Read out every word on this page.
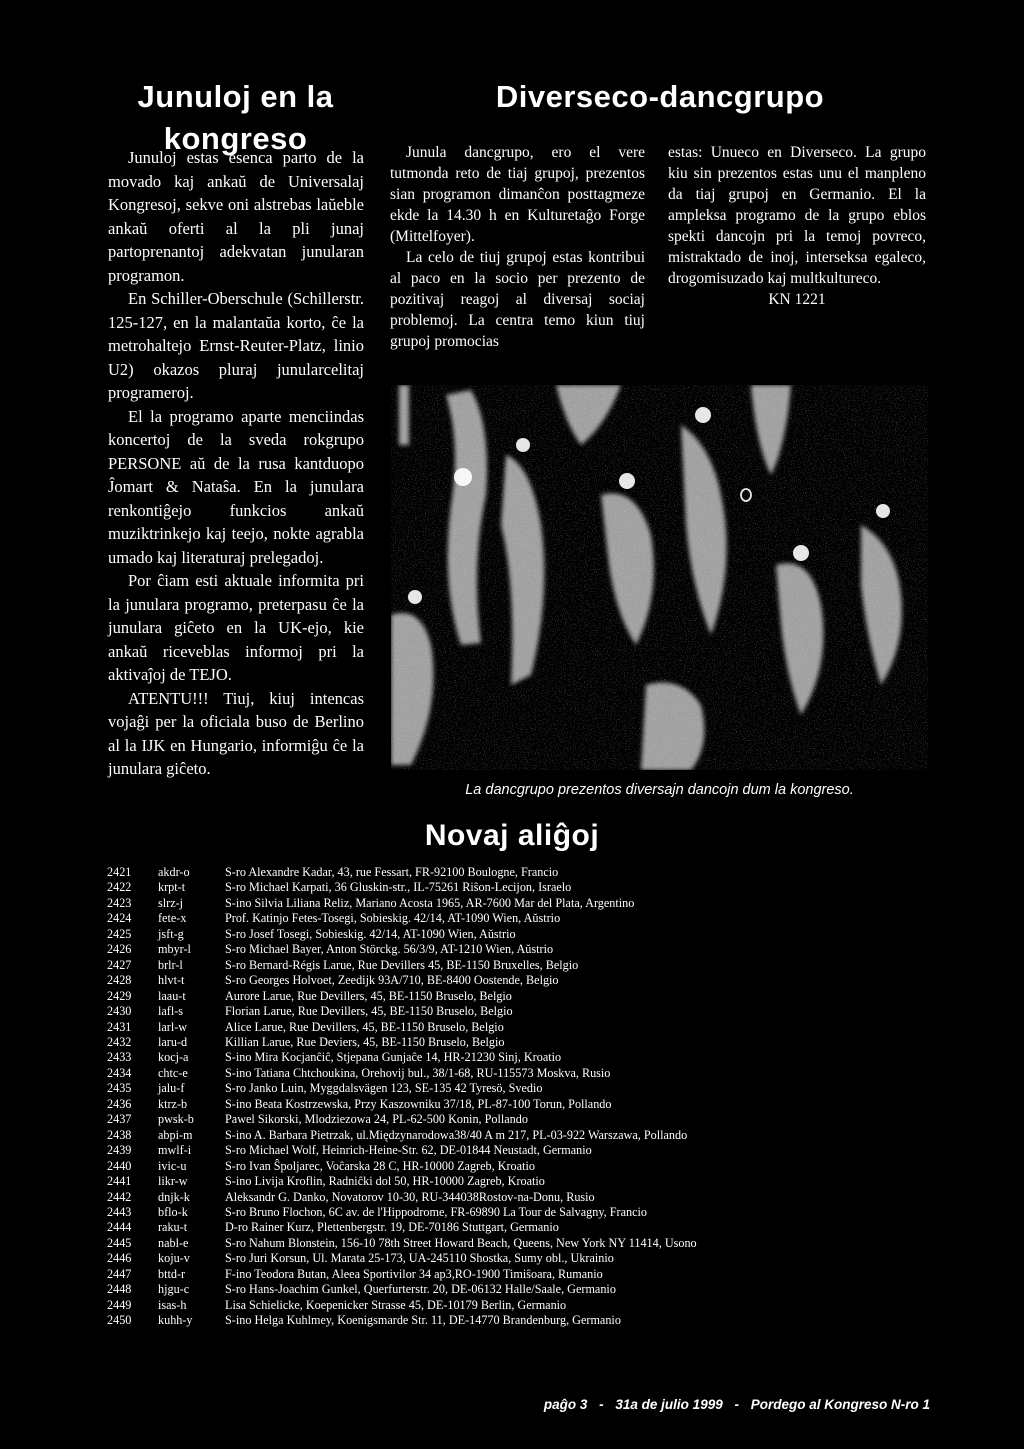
Junuloj en la kongreso

Junuloj estas esenca parto de la movado kaj ankaŭ de Universalaj Kongresoj, sekve oni alstrebas laŭeble ankaŭ oferti al la pli junaj partoprenantoj adekvatan junularan programon.

En Schiller-Oberschule (Schillerstr. 125-127, en la malantaŭa korto, ĉe la metrohaltejo Ernst-Reuter-Platz, linio U2) okazos pluraj junularcelitaj programeroj.

El la programo aparte menciindas koncertoj de la sveda rokgrupo PERSONE aŭ de la rusa kantduopo Ĵomart & Nataŝa. En la junulara renkontiĝejo funkcios ankaŭ muziktrinkejo kaj teejo, nokte agrabla umado kaj literaturaj prelegadoj.

Por ĉiam esti aktuale informita pri la junulara programo, preterpasu ĉe la junulara giĉeto en la UK-ejo, kie ankaŭ riceveblas informoj pri la aktivaĵoj de TEJO.

ATENTU!!! Tiuj, kiuj intencas vojaĝi per la oficiala buso de Berlino al la IJK en Hungario, informiĝu ĉe la junulara giĉeto.

Diverseco-dancgrupo

Junula dancgrupo, ero el vere tutmonda reto de tiaj grupoj, prezentos sian programon dimanĉon posttagmeze ekde la 14.30 h en Kulturetaĝo Forge (Mittelfoyer).

La celo de tiuj grupoj estas kontribui al paco en la socio per prezento de pozitivaj reagoj al diversaj sociaj problemoj. La centra temo kiun tiuj grupoj promocias

estas: Unueco en Diverseco. La grupo kiu sin prezentos estas unu el manpleno da tiaj grupoj en Germanio. El la ampleksa programo de la grupo eblos spekti dancojn pri la temoj povreco, mistraktado de inoj, interseksa egaleco, drogomisuzado kaj multkultureco.

KN 1221

La dancgrupo prezentos diversajn dancojn dum la kongreso.
Novaj aliĝoj
2421	akdr-o	S-ro Alexandre Kadar, 43, rue Fessart, FR-92100 Boulogne, Francio
2422	krpt-t	S-ro Michael Karpati, 36 Gluskin-str., IL-75261 Riŝon-Lecijon, Israelo
2423	slrz-j	S-ino Silvia Liliana Reliz, Mariano Acosta 1965, AR-7600 Mar del Plata, Argentino
2424	fete-x	Prof. Katinjo Fetes-Tosegi, Sobieskig. 42/14, AT-1090 Wien, Aŭstrio
2425	jsft-g	S-ro Josef Tosegi, Sobieskig. 42/14, AT-1090 Wien, Aŭstrio
2426	mbyr-l	S-ro Michael Bayer, Anton Störckg. 56/3/9, AT-1210 Wien, Aŭstrio
2427	brlr-l	S-ro Bernard-Régis Larue, Rue Devillers 45, BE-1150 Bruxelles, Belgio
2428	hlvt-t	S-ro Georges Holvoet, Zeedijk 93A/710, BE-8400 Oostende, Belgio
2429	laau-t	Aurore Larue, Rue Devillers, 45, BE-1150 Bruselo, Belgio
2430	lafl-s	Florian Larue, Rue Devillers, 45, BE-1150 Bruselo, Belgio
2431	larl-w	Alice Larue, Rue Devillers, 45, BE-1150 Bruselo, Belgio
2432	laru-d	Killian Larue, Rue Deviers, 45, BE-1150 Bruselo, Belgio
2433	kocj-a	S-ino Mira Kocjanĉiĉ, Stjepana Gunjaĉe 14, HR-21230 Sinj, Kroatio
2434	chtc-e	S-ino Tatiana Chtchoukina, Orehovij bul., 38/1-68, RU-115573 Moskva, Rusio
2435	jalu-f	S-ro Janko Luin, Myggdalsvägen 123, SE-135 42 Tyresö, Svedio
2436	ktrz-b	S-ino Beata Kostrzewska, Przy Kaszowniku 37/18, PL-87-100 Torun, Pollando
2437	pwsk-b	Pawel Sikorski, Mlodziezowa 24, PL-62-500 Konin, Pollando
2438	abpi-m	S-ino A. Barbara Pietrzak, ul.Międzynarodowa38/40 A m 217, PL-03-922 Warszawa, Pollando
2439	mwlf-i	S-ro Michael Wolf, Heinrich-Heine-Str. 62, DE-01844 Neustadt, Germanio
2440	ivic-u	S-ro Ivan Ŝpoljarec, Voĉarska 28 C, HR-10000 Zagreb, Kroatio
2441	likr-w	S-ino Livija Kroflin, Radniĉki dol 50, HR-10000 Zagreb, Kroatio
2442	dnjk-k	Aleksandr G. Danko, Novatorov 10-30, RU-344038Rostov-na-Donu, Rusio
2443	bflo-k	S-ro Bruno Flochon, 6C av. de l'Hippodrome, FR-69890 La Tour de Salvagny, Francio
2444	raku-t	D-ro Rainer Kurz, Plettenbergstr. 19, DE-70186 Stuttgart, Germanio
2445	nabl-e	S-ro Nahum Blonstein, 156-10 78th Street Howard Beach, Queens, New York NY 11414, Usono
2446	koju-v	S-ro Juri Korsun, Ul. Marata 25-173, UA-245110 Shostka, Sumy obl., Ukrainio
2447	bttd-r	F-ino Teodora Butan, Aleea Sportivilor 34 ap3,RO-1900 Timiŝoara, Rumanio
2448	hjgu-c	S-ro Hans-Joachim Gunkel, Querfurterstr. 20, DE-06132 Halle/Saale, Germanio
2449	isas-h	Lisa Schielicke, Koepenicker Strasse 45, DE-10179 Berlin, Germanio
2450	kuhh-y	S-ino Helga Kuhlmey, Koenigsmarde Str. 11, DE-14770 Brandenburg, Germanio
paĝo 3 - 31a de julio 1999 - Pordego al Kongreso N-ro 1
